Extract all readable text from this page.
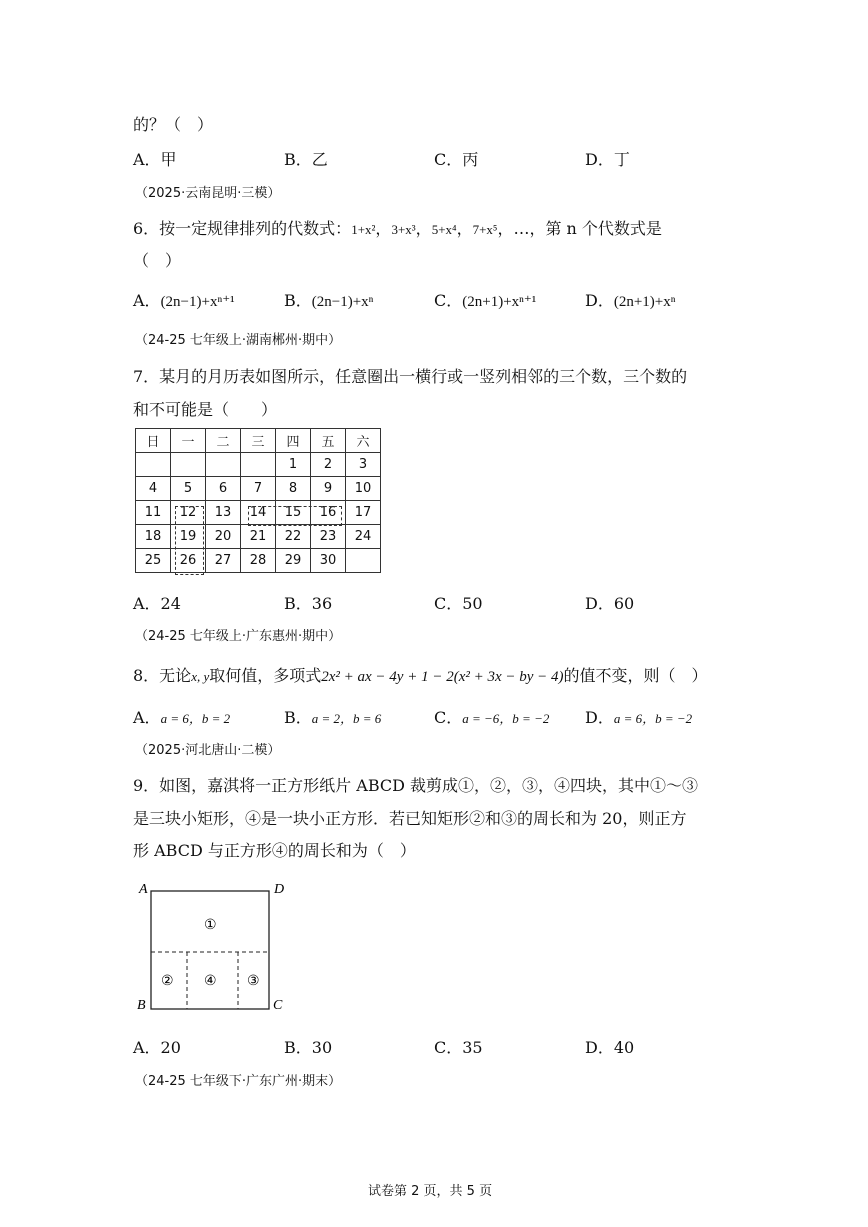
的？（　）
A．甲	B．乙	C．丙	D．丁
（2025·云南昆明·三模）
6．按一定规律排列的代数式：1+x²，3+x³，5+x⁴，7+x⁵，…，第 n 个代数式是
（　）
A．(2n−1)+xⁿ⁺¹	B．(2n−1)+xⁿ	C．(2n+1)+xⁿ⁺¹	D．(2n+1)+xⁿ
（24-25 七年级上·湖南郴州·期中）
7．某月的月历表如图所示，任意圈出一横行或一竖列相邻的三个数，三个数的
和不可能是（　　）
日	一	二	三	四	五	六
				1	2	3
4	5	6	7	8	9	10
11	12	13	14	15	16	17
18	19	20	21	22	23	24
25	26	27	28	29	30	
A．24	B．36	C．50	D．60
（24-25 七年级上·广东惠州·期中）
8．无论x, y取何值，多项式2x² + ax − 4y + 1 − 2(x² + 3x − by − 4)的值不变，则（　）
A．a = 6，b = 2	B．a = 2，b = 6	C．a = −6，b = −2 D．a = 6，b = −2
（2025·河北唐山·二模）
9．如图，嘉淇将一正方形纸片 ABCD 裁剪成①，②，③，④四块，其中①～③
是三块小矩形，④是一块小正方形．若已知矩形②和③的周长和为 20，则正方
形 ABCD 与正方形④的周长和为（　）
A	D
B	C
①
② ④ ③
A．20	B．30	C．35	D．40
（24-25 七年级下·广东广州·期末）
试卷第 2 页，共 5 页
